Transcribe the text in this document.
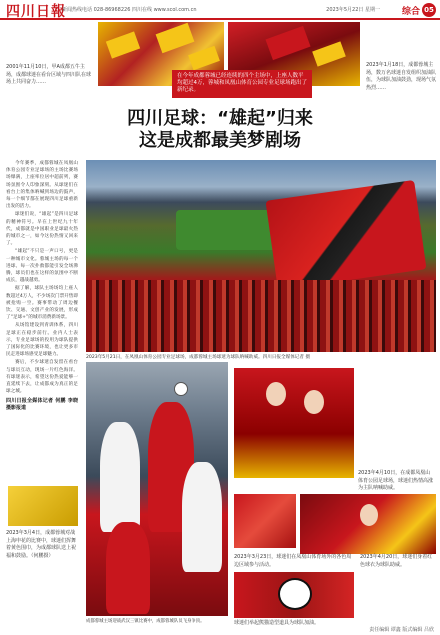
四川日報
新闻热线电话 028-86968226 四川在线 www.scol.com.cn	2023年5月22日 星期一 综合 05
2001年11月10日，甲A成都五牛主场，成都球迷在看台区域与四川队在球场上共同奋力……
2023年1月18日，成都蓉城主场，数万名球迷自发组织加油队伍，为球队加油鼓劲，现场气氛热烈……
在今年成都蓉城已经连续的四个主场中，上座人数平均超过4万，蓉城和凤凰山体育公园专业足球场跑出了新纪录。
四川足球：“雄起”归来
这是成都最美梦剧场

今年赛季，成都蓉城在凤凰山体育公园专业足球场的主场比赛场场爆满，上座率位居中超前列，赛场氛围令人印象深刻。从球迷们在看台上的集体呐喊到场边的鼓声，每一个细节都在展现四川足球重新出发的活力。

球迷们说，“雄起”是四川足球的精神符号。早在上世纪九十年代，成都就是中国职业足球最火热的城市之一，如今这份热情又回来了。

“雄起”不只是一声口号，更是一种城市文化。蓉城主场的每一个进球、每一次扑救都能引发全场沸腾，球员们也在这样的氛围中不断成长，越战越勇。

据了解，球队主场场均上座人数超过4万人，不少场次门票开售即被抢购一空。赛事带动了周边餐饮、交通、文创产业的发展，形成了“足球+”的城市消费新场景。

从场馆建设到青训体系，四川足球正在稳步前行。业内人士表示，专业足球场的投用为球队提供了国际化的比赛环境，也让更多市民走进球场感受足球魅力。

赛后，不少球迷自发留在看台与球员互动，现场一片红色海洋。有球迷表示，希望这份热爱能够一直延续下去，让成都成为真正的足球之城。

四川日报全媒体记者 何鹏 李晓 摄影报道

2023年5月21日，在凤凰山体育公园专业足球场，成都蓉城主场球迷为球队呐喊助威。四川日报全媒体记者 摄
2023年3月4日，成都蓉城对战上海申花的比赛中，球迷们挥舞着黄色围巾，为成都球队送上祝福和鼓励。（何鹏摄）
成都蓉城主场迎战武汉三镇比赛中，成都蓉城队员飞身争顶。
2023年4月10日，在成都凤凰山体育公园足球场，球迷们热情高涨为主队呐喊助威。
2023年3月23日，球迷们在凤凰山体育场外的各色周边区域参与活动。
2023年4月20日，球迷们身着红色球衣为球队助威。
球迷们举起熊猫造型道具为球队加油。
责任编辑 谭鑫 版式编辑 吕欣
